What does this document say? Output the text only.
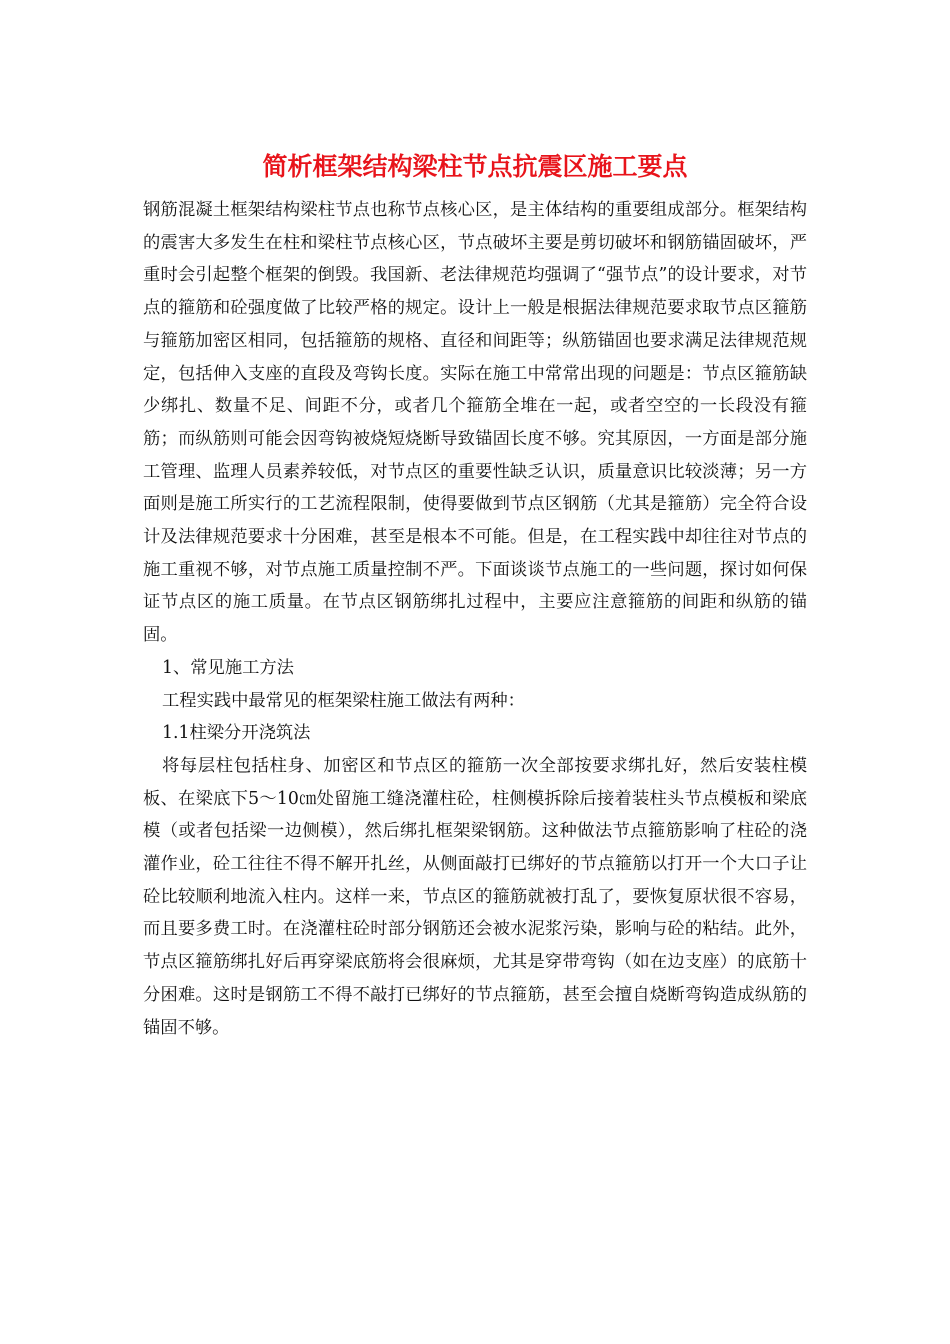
简析框架结构梁柱节点抗震区施工要点

钢筋混凝土框架结构梁柱节点也称节点核心区，是主体结构的重要组成部分。框架结构的震害大多发生在柱和梁柱节点核心区，节点破坏主要是剪切破坏和钢筋锚固破坏，严重时会引起整个框架的倒毁。我国新、老法律规范均强调了“强节点”的设计要求，对节点的箍筋和砼强度做了比较严格的规定。设计上一般是根据法律规范要求取节点区箍筋与箍筋加密区相同，包括箍筋的规格、直径和间距等；纵筋锚固也要求满足法律规范规定，包括伸入支座的直段及弯钩长度。实际在施工中常常出现的问题是：节点区箍筋缺少绑扎、数量不足、间距不分，或者几个箍筋全堆在一起，或者空空的一长段没有箍筋；而纵筋则可能会因弯钩被烧短烧断导致锚固长度不够。究其原因，一方面是部分施工管理、监理人员素养较低，对节点区的重要性缺乏认识，质量意识比较淡薄；另一方面则是施工所实行的工艺流程限制，使得要做到节点区钢筋（尤其是箍筋）完全符合设计及法律规范要求十分困难，甚至是根本不可能。但是，在工程实践中却往往对节点的施工重视不够，对节点施工质量控制不严。下面谈谈节点施工的一些问题，探讨如何保证节点区的施工质量。在节点区钢筋绑扎过程中，主要应注意箍筋的间距和纵筋的锚固。

1、常见施工方法

工程实践中最常见的框架梁柱施工做法有两种：

1.1柱梁分开浇筑法

将每层柱包括柱身、加密区和节点区的箍筋一次全部按要求绑扎好，然后安装柱模板、在梁底下5～10㎝处留施工缝浇灌柱砼，柱侧模拆除后接着装柱头节点模板和梁底模（或者包括梁一边侧模），然后绑扎框架梁钢筋。这种做法节点箍筋影响了柱砼的浇灌作业，砼工往往不得不解开扎丝，从侧面敲打已绑好的节点箍筋以打开一个大口子让砼比较顺利地流入柱内。这样一来，节点区的箍筋就被打乱了，要恢复原状很不容易，而且要多费工时。在浇灌柱砼时部分钢筋还会被水泥浆污染，影响与砼的粘结。此外，节点区箍筋绑扎好后再穿梁底筋将会很麻烦，尤其是穿带弯钩（如在边支座）的底筋十分困难。这时是钢筋工不得不敲打已绑好的节点箍筋，甚至会擅自烧断弯钩造成纵筋的锚固不够。
